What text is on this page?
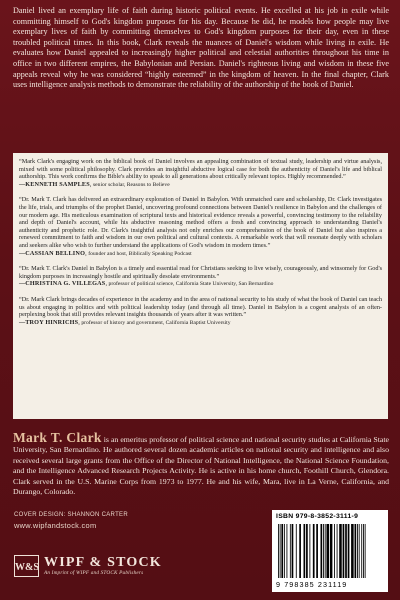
Daniel lived an exemplary life of faith during historic political events. He excelled at his job in exile while committing himself to God's kingdom purposes for his day. Because he did, he models how people may live exemplary lives of faith by committing themselves to God's kingdom purposes for their day, even in these troubled political times. In this book, Clark reveals the nuances of Daniel's wisdom while living in exile. He evaluates how Daniel appealed to increasingly higher political and celestial authorities throughout his time in office in two different empires, the Babylonian and Persian. Daniel's righteous living and wisdom in these five appeals reveal why he was considered “highly esteemed” in the kingdom of heaven. In the final chapter, Clark uses intelligence analysis methods to demonstrate the reliability of the authorship of the book of Daniel.

“Mark Clark's engaging work on the biblical book of Daniel involves an appealing combination of textual study, leadership and virtue analysis, mixed with some political philosophy. Clark provides an insightful abductive logical case for both the authenticity of Daniel's life and biblical authorship. This work confirms the Bible's ability to speak to all generations about critically relevant topics. Highly recommended.”
—KENNETH SAMPLES, senior scholar, Reasons to Believe
“Dr. Mark T. Clark has delivered an extraordinary exploration of Daniel in Babylon. With unmatched care and scholarship, Dr. Clark investigates the life, trials, and triumphs of the prophet Daniel, uncovering profound connections between Daniel's resilience in Babylon and the challenges of our modern age. His meticulous examination of scriptural texts and historical evidence reveals a powerful, convincing testimony to the reliability and depth of Daniel's account, while his abductive reasoning method offers a fresh and convincing approach to understanding Daniel's authenticity and prophetic role. Dr. Clark's insightful analysis not only enriches our comprehension of the book of Daniel but also inspires a renewed commitment to faith and wisdom in our own political and cultural contexts. A remarkable work that will resonate deeply with scholars and seekers alike who wish to further understand the applications of God's wisdom in modern times.”
—CASSIAN BELLINO, founder and host, Biblically Speaking Podcast
“Dr. Mark T. Clark's Daniel in Babylon is a timely and essential read for Christians seeking to live wisely, courageously, and winsomely for God's kingdom purposes in increasingly hostile and spiritually desolate environments.”
—CHRISTINA G. VILLEGAS, professor of political science, California State University, San Bernardino
“Dr. Mark Clark brings decades of experience in the academy and in the area of national security to his study of what the book of Daniel can teach us about engaging in politics and with political leadership today (and through all time). Daniel in Babylon is a cogent analysis of an often-perplexing book that still provides relevant insights thousands of years after it was written.”
—TROY HINRICHS, professor of history and government, California Baptist University

Mark T. Clark is an emeritus professor of political science and national security studies at California State University, San Bernardino. He authored several dozen academic articles on national security and intelligence and also received several large grants from the Office of the Director of National Intelligence, the National Science Foundation, and the Intelligence Advanced Research Projects Activity. He is active in his home church, Foothill Church, Glendora. Clark served in the U.S. Marine Corps from 1973 to 1977. He and his wife, Mara, live in La Verne, California, and Durango, Colorado.

COVER DESIGN: SHANNON CARTER
www.wipfandstock.com
W&S WIPF & STOCK
An Imprint of WIPF and STOCK Publishers
ISBN 979-8-3852-3111-9
9 798385 231119
